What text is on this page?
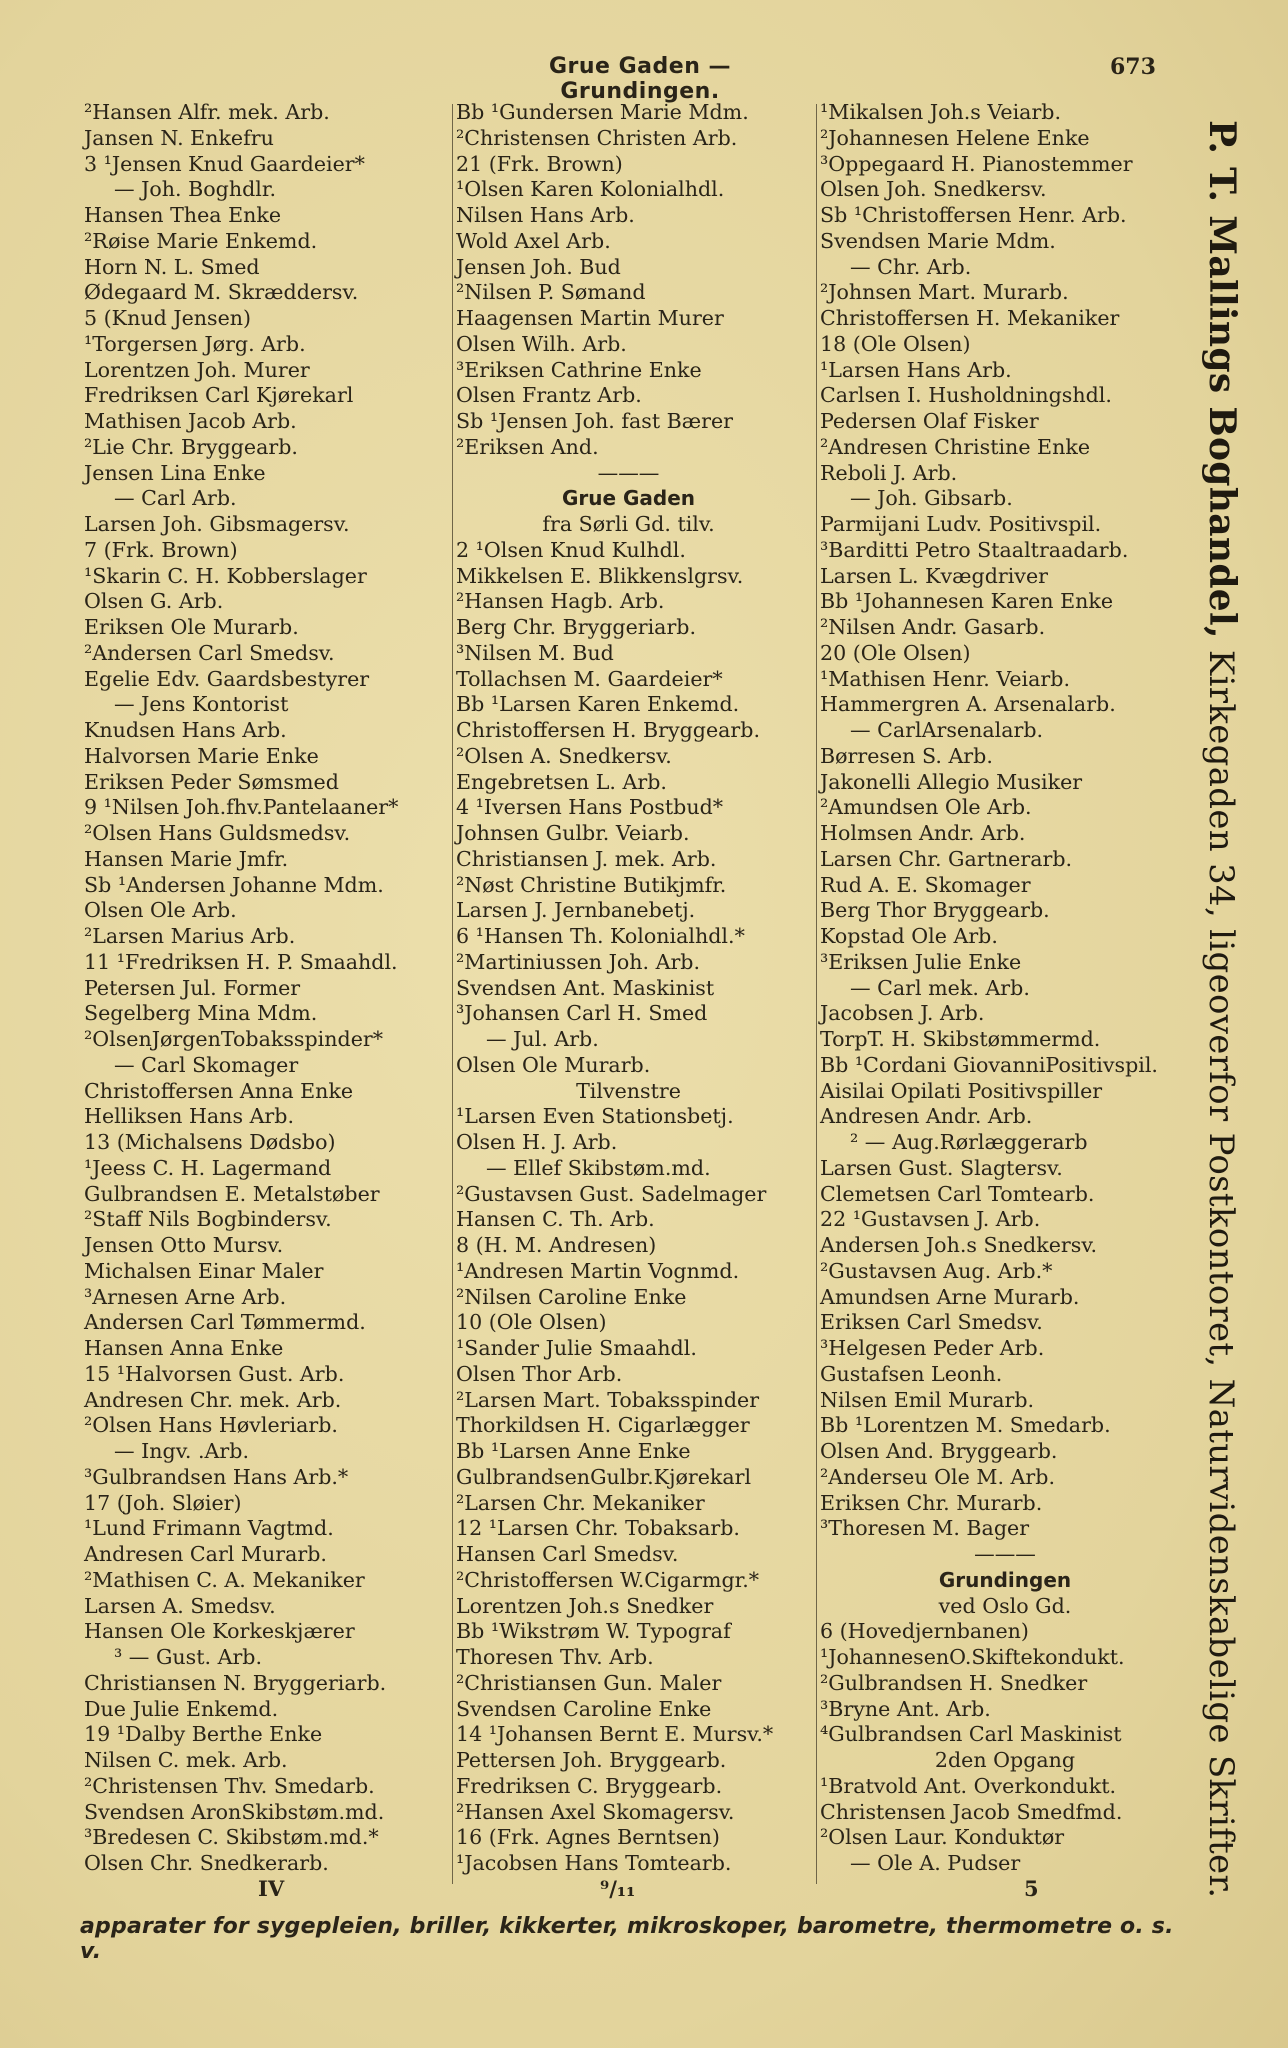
Grue Gaden — Grundingen.
673
²Hansen Alfr. mek. Arb.
Jansen N. Enkefru
3 ¹Jensen Knud Gaardeier*
— Joh. Boghdlr.
Hansen Thea Enke
²Røise Marie Enkemd.
Horn N. L. Smed
Ødegaard M. Skræddersv.
5 (Knud Jensen)
¹Torgersen Jørg. Arb.
Lorentzen Joh. Murer
Fredriksen Carl Kjørekarl
Mathisen Jacob Arb.
²Lie Chr. Bryggearb.
Jensen Lina Enke
— Carl Arb.
Larsen Joh. Gibsmagersv.
7 (Frk. Brown)
¹Skarin C. H. Kobberslager
Olsen G. Arb.
Eriksen Ole Murarb.
²Andersen Carl Smedsv.
Egelie Edv. Gaardsbestyrer
— Jens Kontorist
Knudsen Hans Arb.
Halvorsen Marie Enke
Eriksen Peder Sømsmed
9 ¹Nilsen Joh.fhv.Pantelaaner*
²Olsen Hans Guldsmedsv.
Hansen Marie Jmfr.
Sb ¹Andersen Johanne Mdm.
Olsen Ole Arb.
²Larsen Marius Arb.
11 ¹Fredriksen H. P. Smaahdl.
Petersen Jul. Former
Segelberg Mina Mdm.
²OlsenJørgenTobaksspinder*
— Carl Skomager
Christoffersen Anna Enke
Helliksen Hans Arb.
13 (Michalsens Dødsbo)
¹Jeess C. H. Lagermand
Gulbrandsen E. Metalstøber
²Staff Nils Bogbindersv.
Jensen Otto Mursv.
Michalsen Einar Maler
³Arnesen Arne Arb.
Andersen Carl Tømmermd.
Hansen Anna Enke
15 ¹Halvorsen Gust. Arb.
Andresen Chr. mek. Arb.
²Olsen Hans Høvleriarb.
— Ingv. .Arb.
³Gulbrandsen Hans Arb.*
17 (Joh. Sløier)
¹Lund Frimann Vagtmd.
Andresen Carl Murarb.
²Mathisen C. A. Mekaniker
Larsen A. Smedsv.
Hansen Ole Korkeskjærer
³ — Gust. Arb.
Christiansen N. Bryggeriarb.
Due Julie Enkemd.
19 ¹Dalby Berthe Enke
Nilsen C. mek. Arb.
²Christensen Thv. Smedarb.
Svendsen AronSkibstøm.md.
³Bredesen C. Skibstøm.md.*
Olsen Chr. Snedkerarb.
Bb ¹Gundersen Marie Mdm.
²Christensen Christen Arb.
21 (Frk. Brown)
¹Olsen Karen Kolonialhdl.
Nilsen Hans Arb.
Wold Axel Arb.
Jensen Joh. Bud
²Nilsen P. Sømand
Haagensen Martin Murer
Olsen Wilh. Arb.
³Eriksen Cathrine Enke
Olsen Frantz Arb.
Sb ¹Jensen Joh. fast Bærer
²Eriksen And.
———
Grue Gaden
fra Sørli Gd. tilv.
2 ¹Olsen Knud Kulhdl.
Mikkelsen E. Blikkenslgrsv.
²Hansen Hagb. Arb.
Berg Chr. Bryggeriarb.
³Nilsen M. Bud
Tollachsen M. Gaardeier*
Bb ¹Larsen Karen Enkemd.
Christoffersen H. Bryggearb.
²Olsen A. Snedkersv.
Engebretsen L. Arb.
4 ¹Iversen Hans Postbud*
Johnsen Gulbr. Veiarb.
Christiansen J. mek. Arb.
²Nøst Christine Butikjmfr.
Larsen J. Jernbanebetj.
6 ¹Hansen Th. Kolonialhdl.*
²Martiniussen Joh. Arb.
Svendsen Ant. Maskinist
³Johansen Carl H. Smed
— Jul. Arb.
Olsen Ole Murarb.
Tilvenstre
¹Larsen Even Stationsbetj.
Olsen H. J. Arb.
— Ellef Skibstøm.md.
²Gustavsen Gust. Sadelmager
Hansen C. Th. Arb.
8 (H. M. Andresen)
¹Andresen Martin Vognmd.
²Nilsen Caroline Enke
10 (Ole Olsen)
¹Sander Julie Smaahdl.
Olsen Thor Arb.
²Larsen Mart. Tobaksspinder
Thorkildsen H. Cigarlægger
Bb ¹Larsen Anne Enke
GulbrandsenGulbr.Kjørekarl
²Larsen Chr. Mekaniker
12 ¹Larsen Chr. Tobaksarb.
Hansen Carl Smedsv.
²Christoffersen W.Cigarmgr.*
Lorentzen Joh.s Snedker
Bb ¹Wikstrøm W. Typograf
Thoresen Thv. Arb.
²Christiansen Gun. Maler
Svendsen Caroline Enke
14 ¹Johansen Bernt E. Mursv.*
Pettersen Joh. Bryggearb.
Fredriksen C. Bryggearb.
²Hansen Axel Skomagersv.
16 (Frk. Agnes Berntsen)
¹Jacobsen Hans Tomtearb.
¹Mikalsen Joh.s Veiarb.
²Johannesen Helene Enke
³Oppegaard H. Pianostemmer
Olsen Joh. Snedkersv.
Sb ¹Christoffersen Henr. Arb.
Svendsen Marie Mdm.
— Chr. Arb.
²Johnsen Mart. Murarb.
Christoffersen H. Mekaniker
18 (Ole Olsen)
¹Larsen Hans Arb.
Carlsen I. Husholdningshdl.
Pedersen Olaf Fisker
²Andresen Christine Enke
Reboli J. Arb.
— Joh. Gibsarb.
Parmijani Ludv. Positivspil.
³Barditti Petro Staaltraadarb.
Larsen L. Kvægdriver
Bb ¹Johannesen Karen Enke
²Nilsen Andr. Gasarb.
20 (Ole Olsen)
¹Mathisen Henr. Veiarb.
Hammergren A. Arsenalarb.
— CarlArsenalarb.
Børresen S. Arb.
Jakonelli Allegio Musiker
²Amundsen Ole Arb.
Holmsen Andr. Arb.
Larsen Chr. Gartnerarb.
Rud A. E. Skomager
Berg Thor Bryggearb.
Kopstad Ole Arb.
³Eriksen Julie Enke
— Carl mek. Arb.
Jacobsen J. Arb.
TorpT. H. Skibstømmermd.
Bb ¹Cordani GiovanniPositivspil.
Aisilai Opilati Positivspiller
Andresen Andr. Arb.
² — Aug.Rørlæggerarb
Larsen Gust. Slagtersv.
Clemetsen Carl Tomtearb.
22 ¹Gustavsen J. Arb.
Andersen Joh.s Snedkersv.
²Gustavsen Aug. Arb.*
Amundsen Arne Murarb.
Eriksen Carl Smedsv.
³Helgesen Peder Arb.
Gustafsen Leonh.
Nilsen Emil Murarb.
Bb ¹Lorentzen M. Smedarb.
Olsen And. Bryggearb.
²Anderseu Ole M. Arb.
Eriksen Chr. Murarb.
³Thoresen M. Bager
———
Grundingen
ved Oslo Gd.
6 (Hovedjernbanen)
¹JohannesenO.Skiftekondukt.
²Gulbrandsen H. Snedker
³Bryne Ant. Arb.
⁴Gulbrandsen Carl Maskinist
2den Opgang
¹Bratvold Ant. Overkondukt.
Christensen Jacob Smedfmd.
²Olsen Laur. Konduktør
— Ole A. Pudser
IV	⁹/₁₁	5
P. T. Mallings Boghandel, Kirkegaden 34, ligeoverfor Postkontoret, Naturvidenskabelige Skrifter.
apparater for sygepleien, briller, kikkerter, mikroskoper, barometre, thermometre o. s. v.
